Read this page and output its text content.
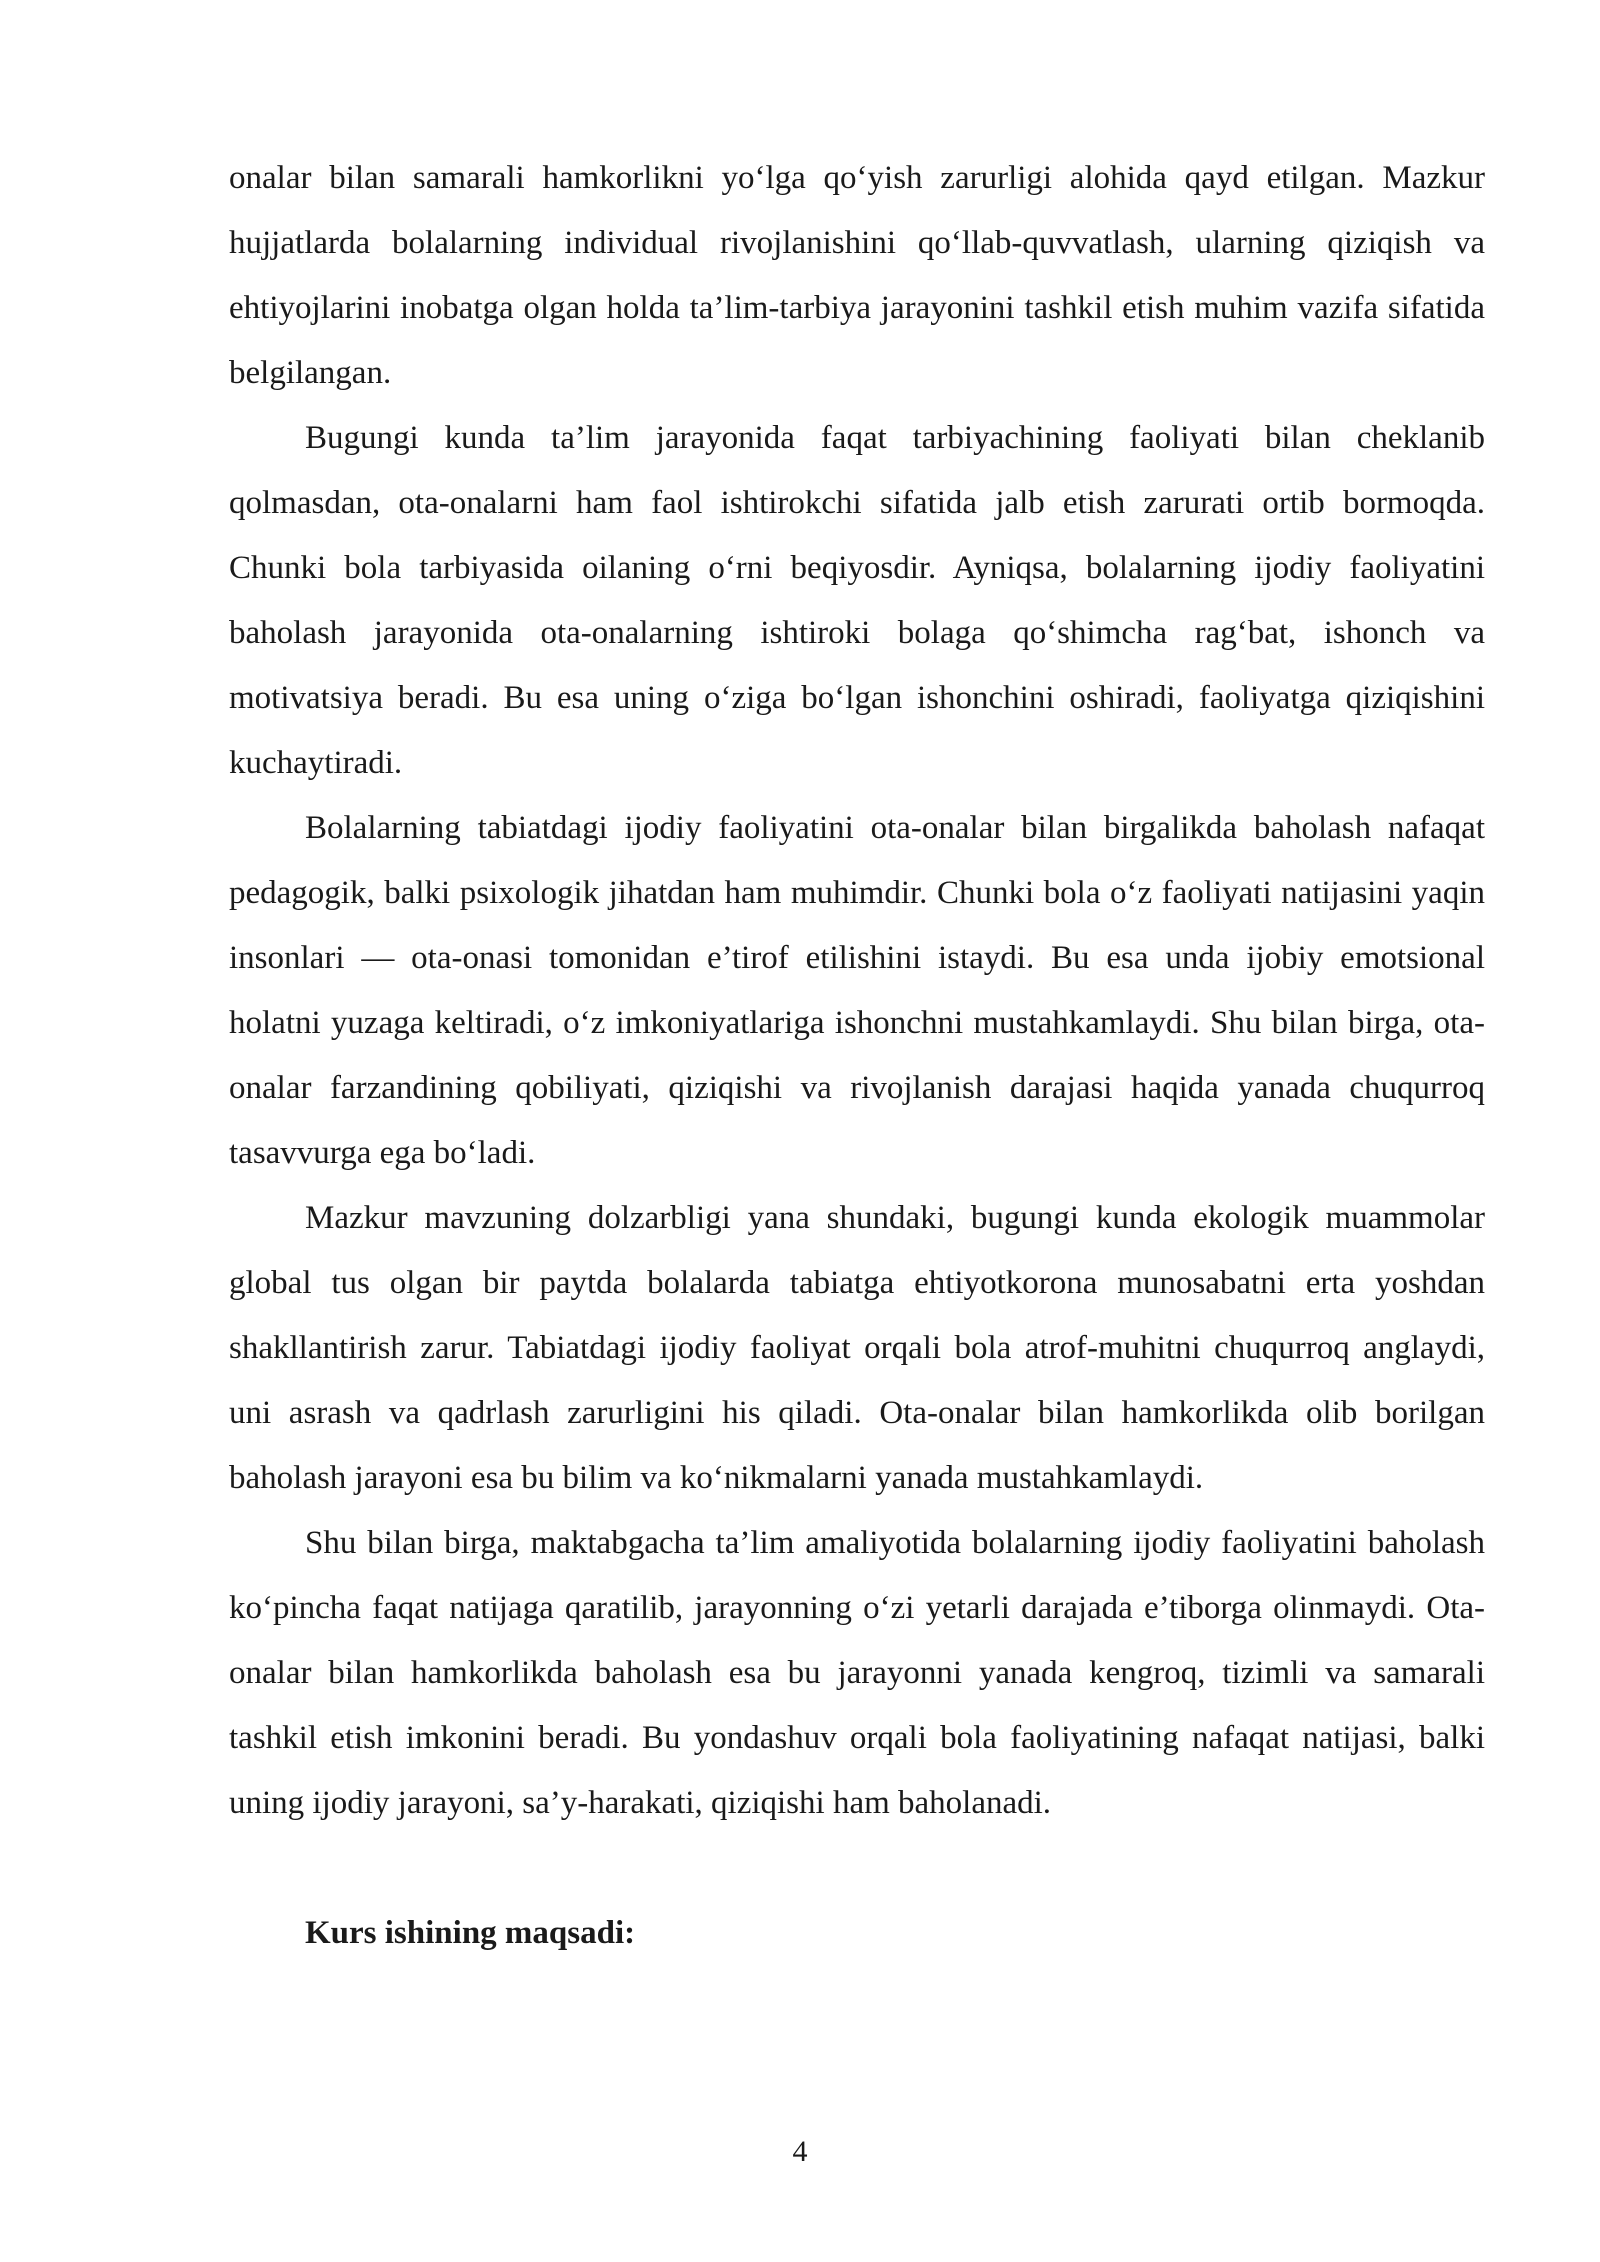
onalar bilan samarali hamkorlikni yo‘lga qo‘yish zarurligi alohida qayd etilgan. Mazkur hujjatlarda bolalarning individual rivojlanishini qo‘llab-quvvatlash, ularning qiziqish va ehtiyojlarini inobatga olgan holda ta’lim-tarbiya jarayonini tashkil etish muhim vazifa sifatida belgilangan.

Bugungi kunda ta’lim jarayonida faqat tarbiyachining faoliyati bilan cheklanib qolmasdan, ota-onalarni ham faol ishtirokchi sifatida jalb etish zarurati ortib bormoqda. Chunki bola tarbiyasida oilaning o‘rni beqiyosdir. Ayniqsa, bolalarning ijodiy faoliyatini baholash jarayonida ota-onalarning ishtiroki bolaga qo‘shimcha rag‘bat, ishonch va motivatsiya beradi. Bu esa uning o‘ziga bo‘lgan ishonchini oshiradi, faoliyatga qiziqishini kuchaytiradi.

Bolalarning tabiatdagi ijodiy faoliyatini ota-onalar bilan birgalikda baholash nafaqat pedagogik, balki psixologik jihatdan ham muhimdir. Chunki bola o‘z faoliyati natijasini yaqin insonlari — ota-onasi tomonidan e’tirof etilishini istaydi. Bu esa unda ijobiy emotsional holatni yuzaga keltiradi, o‘z imkoniyatlariga ishonchni mustahkamlaydi. Shu bilan birga, ota-onalar farzandining qobiliyati, qiziqishi va rivojlanish darajasi haqida yanada chuqurroq tasavvurga ega bo‘ladi.

Mazkur mavzuning dolzarbligi yana shundaki, bugungi kunda ekologik muammolar global tus olgan bir paytda bolalarda tabiatga ehtiyotkorona munosabatni erta yoshdan shakllantirish zarur. Tabiatdagi ijodiy faoliyat orqali bola atrof-muhitni chuqurroq anglaydi, uni asrash va qadrlash zarurligini his qiladi. Ota-onalar bilan hamkorlikda olib borilgan baholash jarayoni esa bu bilim va ko‘nikmalarni yanada mustahkamlaydi.

Shu bilan birga, maktabgacha ta’lim amaliyotida bolalarning ijodiy faoliyatini baholash ko‘pincha faqat natijaga qaratilib, jarayonning o‘zi yetarli darajada e’tiborga olinmaydi. Ota-onalar bilan hamkorlikda baholash esa bu jarayonni yanada kengroq, tizimli va samarali tashkil etish imkonini beradi. Bu yondashuv orqali bola faoliyatining nafaqat natijasi, balki uning ijodiy jarayoni, sa’y-harakati, qiziqishi ham baholanadi.

Kurs ishining maqsadi:

4
